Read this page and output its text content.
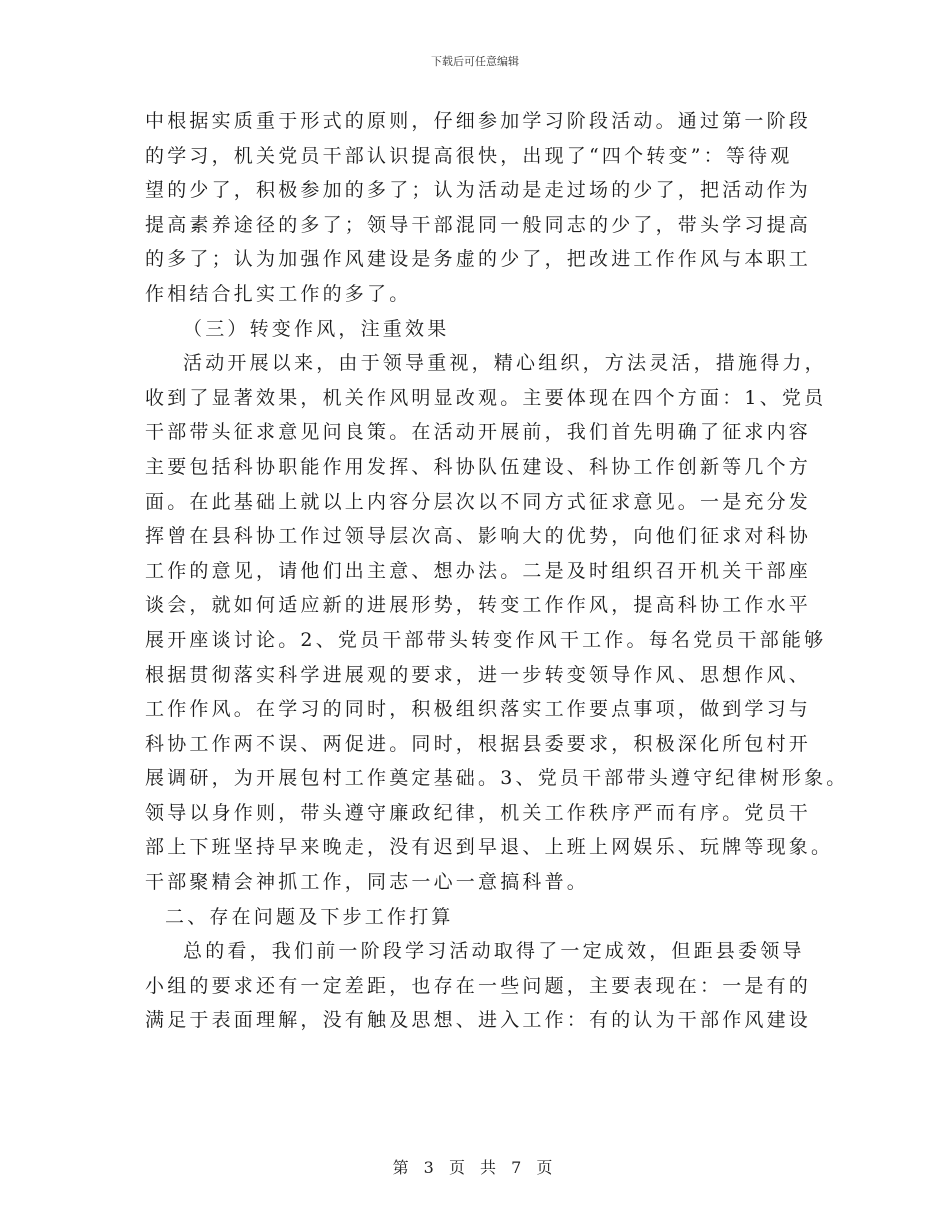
下载后可任意编辑
中根据实质重于形式的原则，仔细参加学习阶段活动。通过第一阶段
的学习，机关党员干部认识提高很快，出现了“四个转变”：等待观
望的少了，积极参加的多了；认为活动是走过场的少了，把活动作为
提高素养途径的多了；领导干部混同一般同志的少了，带头学习提高
的多了；认为加强作风建设是务虚的少了，把改进工作作风与本职工
作相结合扎实工作的多了。
（三）转变作风，注重效果
活动开展以来，由于领导重视，精心组织，方法灵活，措施得力，
收到了显著效果，机关作风明显改观。主要体现在四个方面：1、党员
干部带头征求意见问良策。在活动开展前，我们首先明确了征求内容
主要包括科协职能作用发挥、科协队伍建设、科协工作创新等几个方
面。在此基础上就以上内容分层次以不同方式征求意见。一是充分发
挥曾在县科协工作过领导层次高、影响大的优势，向他们征求对科协
工作的意见，请他们出主意、想办法。二是及时组织召开机关干部座
谈会，就如何适应新的进展形势，转变工作作风，提高科协工作水平
展开座谈讨论。2、党员干部带头转变作风干工作。每名党员干部能够
根据贯彻落实科学进展观的要求，进一步转变领导作风、思想作风、
工作作风。在学习的同时，积极组织落实工作要点事项，做到学习与
科协工作两不误、两促进。同时，根据县委要求，积极深化所包村开
展调研，为开展包村工作奠定基础。3、党员干部带头遵守纪律树形象。
领导以身作则，带头遵守廉政纪律，机关工作秩序严而有序。党员干
部上下班坚持早来晚走，没有迟到早退、上班上网娱乐、玩牌等现象。
干部聚精会神抓工作，同志一心一意搞科普。
二、存在问题及下步工作打算
总的看，我们前一阶段学习活动取得了一定成效，但距县委领导
小组的要求还有一定差距，也存在一些问题，主要表现在：一是有的
满足于表面理解，没有触及思想、进入工作：有的认为干部作风建设
第 3 页 共 7 页
